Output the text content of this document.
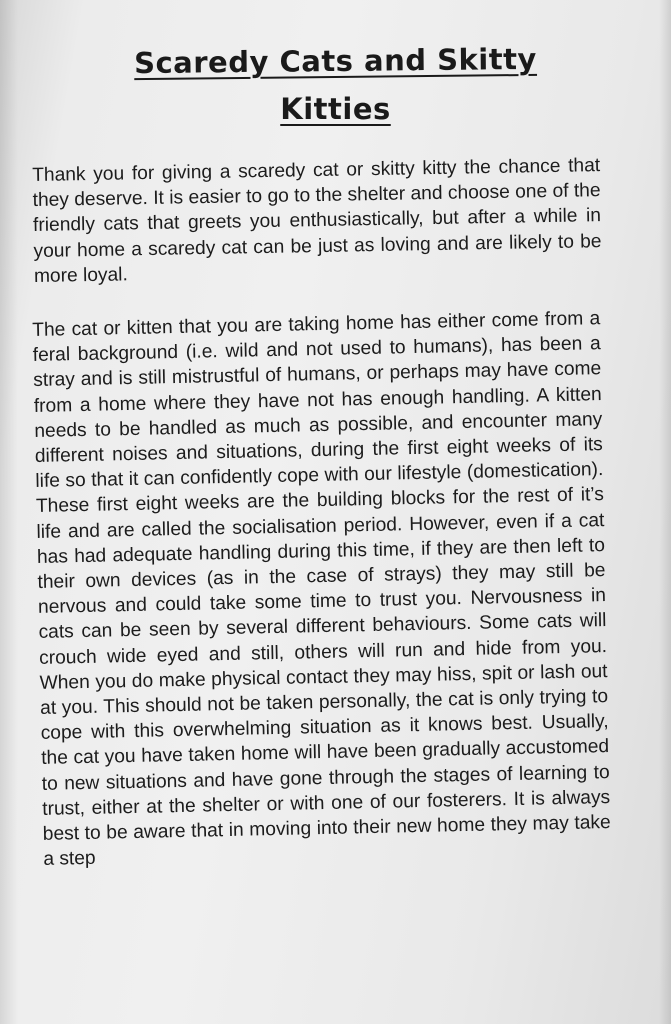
Scaredy Cats and Skitty
Kitties
Thank you for giving a scaredy cat or skitty kitty the chance that they deserve. It is easier to go to the shelter and choose one of the friendly cats that greets you enthusiastically, but after a while in your home a scaredy cat can be just as loving and are likely to be more loyal.
The cat or kitten that you are taking home has either come from a feral background (i.e. wild and not used to humans), has been a stray and is still mistrustful of humans, or perhaps may have come from a home where they have not has enough handling. A kitten needs to be handled as much as possible, and encounter many different noises and situations, during the first eight weeks of its life so that it can confidently cope with our lifestyle (domestication). These first eight weeks are the building blocks for the rest of it’s life and are called the socialisation period. However, even if a cat has had adequate handling during this time, if they are then left to their own devices (as in the case of strays) they may still be nervous and could take some time to trust you. Nervousness in cats can be seen by several different behaviours. Some cats will crouch wide eyed and still, others will run and hide from you. When you do make physical contact they may hiss, spit or lash out at you. This should not be taken personally, the cat is only trying to cope with this overwhelming situation as it knows best. Usually, the cat you have taken home will have been gradually accustomed to new situations and have gone through the stages of learning to trust, either at the shelter or with one of our fosterers. It is always best to be aware that in moving into their new home they may take a step
